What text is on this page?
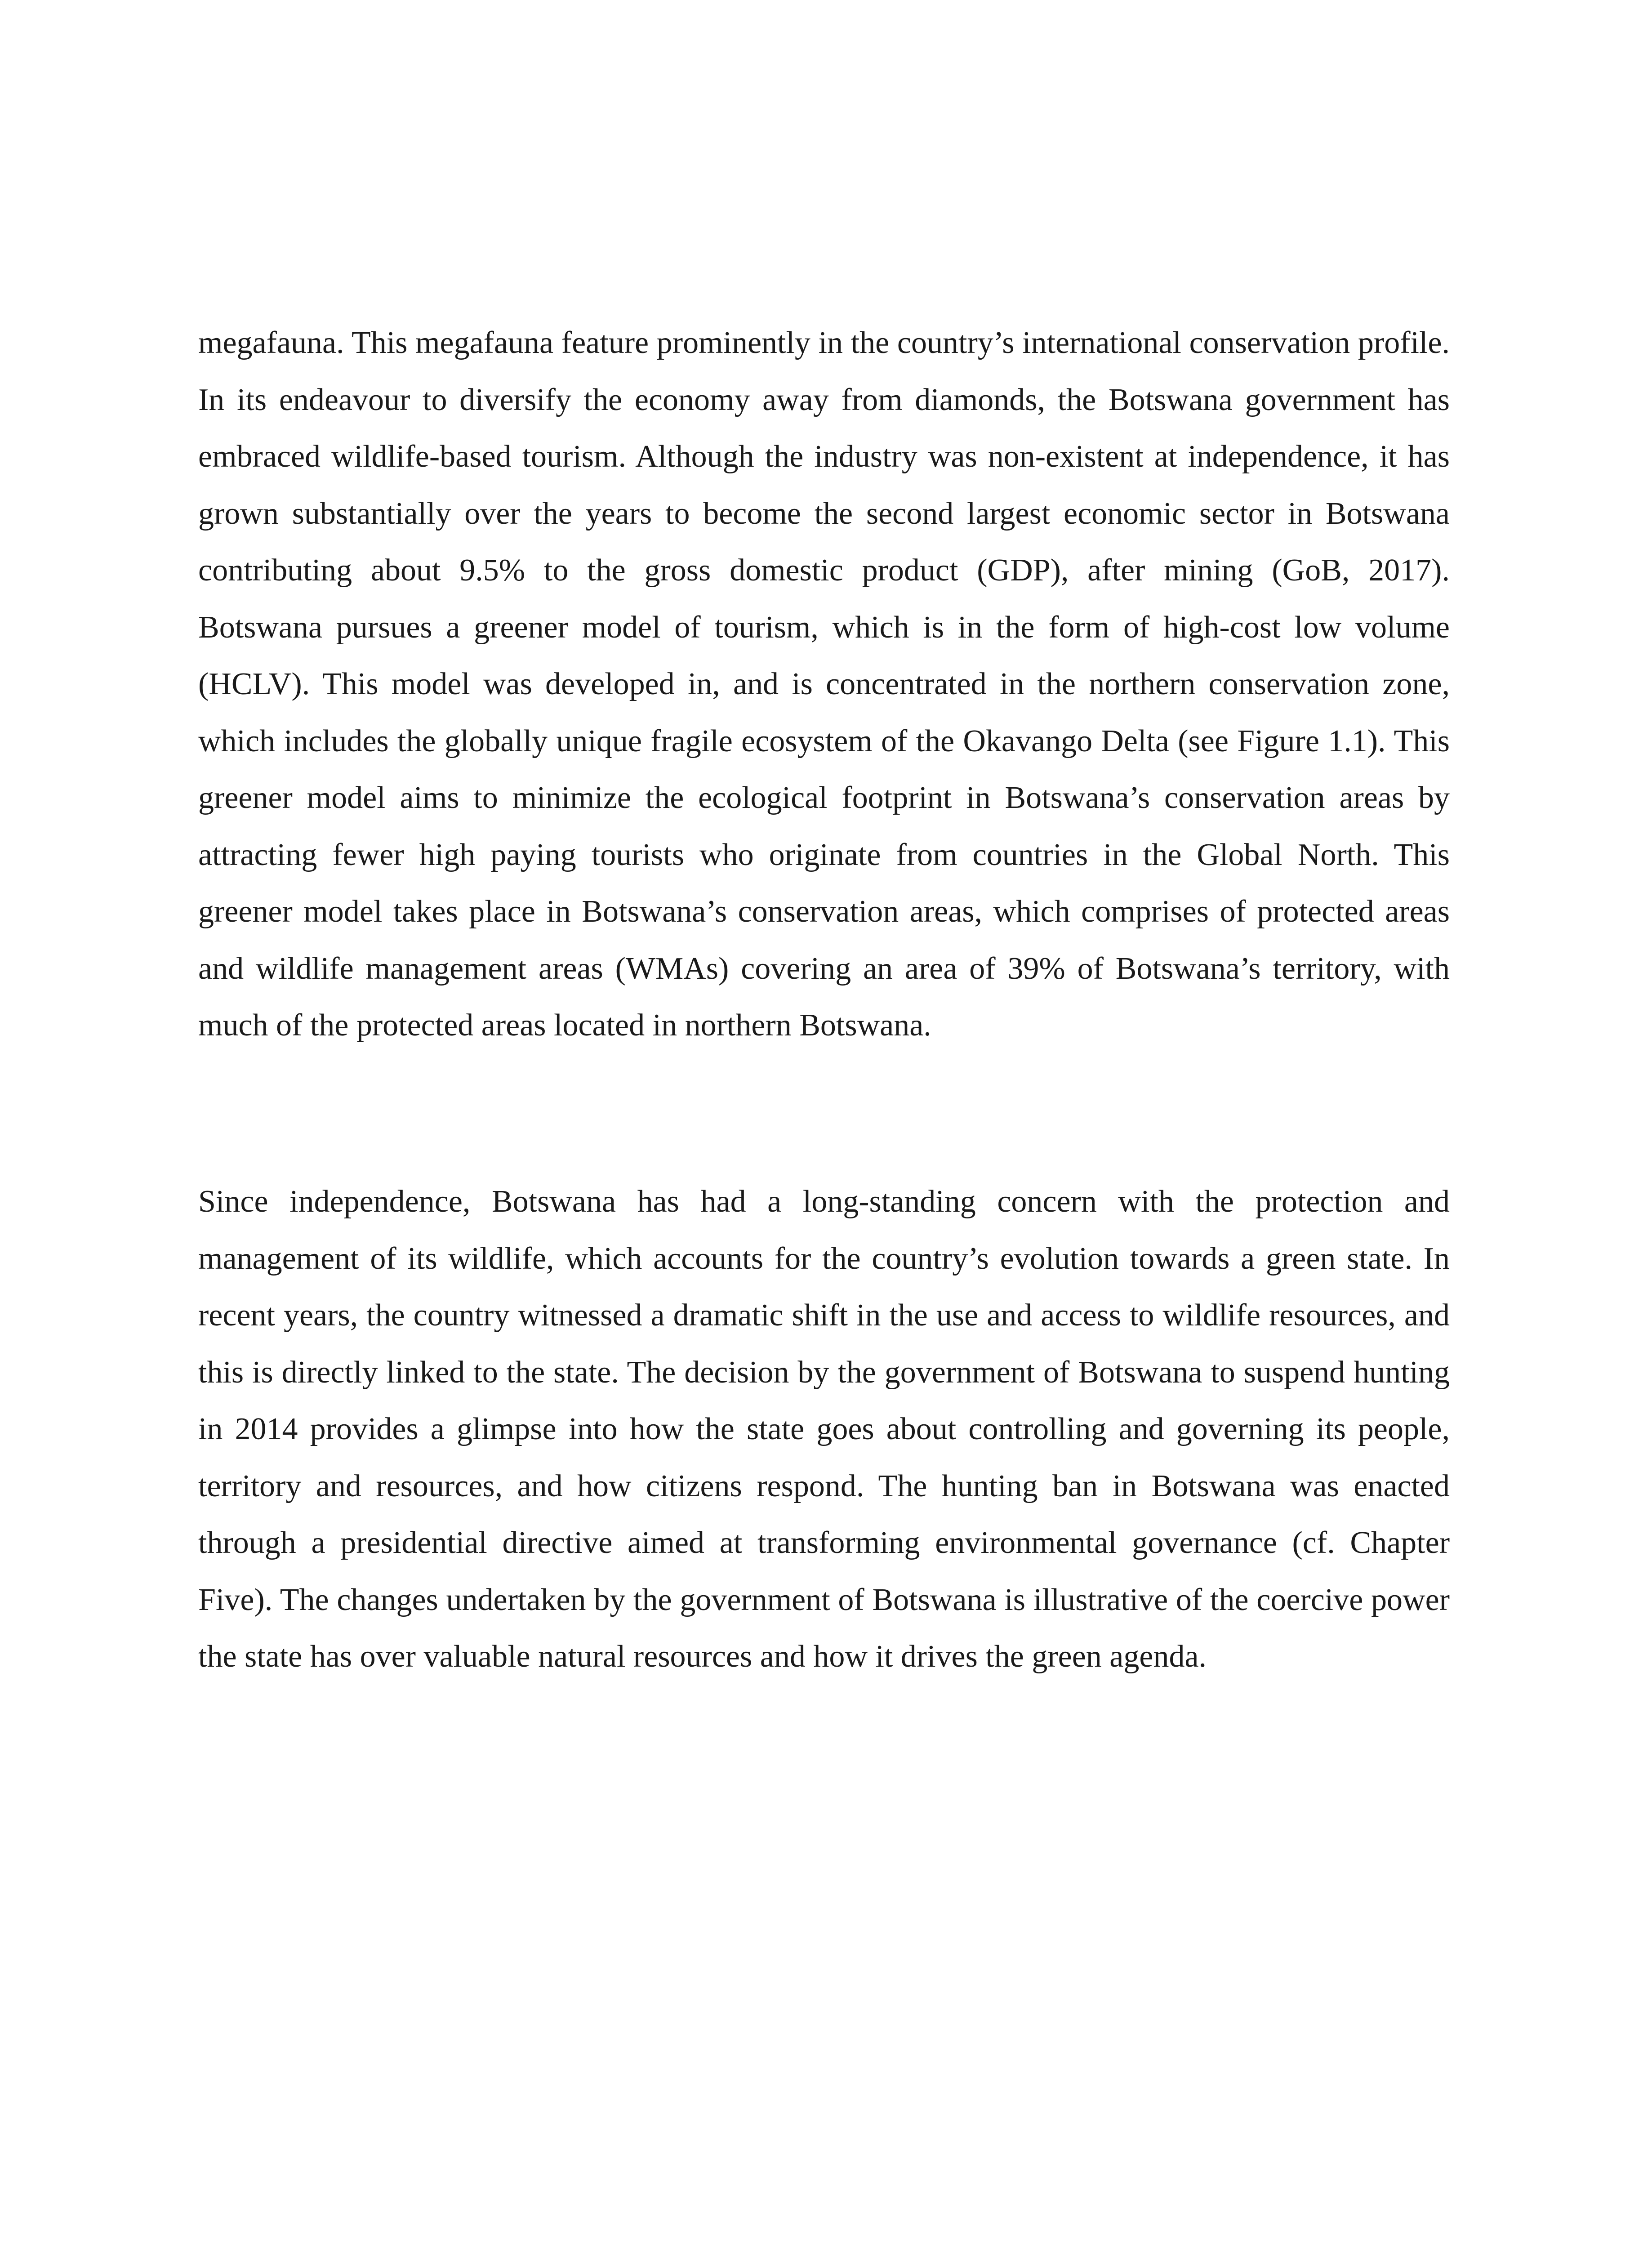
megafauna. This megafauna feature prominently in the country’s international conservation profile. In its endeavour to diversify the economy away from diamonds, the Botswana government has embraced wildlife-based tourism. Although the industry was non-existent at independence, it has grown substantially over the years to become the second largest economic sector in Botswana contributing about 9.5% to the gross domestic product (GDP), after mining (GoB, 2017). Botswana pursues a greener model of tourism, which is in the form of high-cost low volume (HCLV). This model was developed in, and is concentrated in the northern conservation zone, which includes the globally unique fragile ecosystem of the Okavango Delta (see Figure 1.1). This greener model aims to minimize the ecological footprint in Botswana’s conservation areas by attracting fewer high paying tourists who originate from countries in the Global North. This greener model takes place in Botswana’s conservation areas, which comprises of protected areas and wildlife management areas (WMAs) covering an area of 39% of Botswana’s territory, with much of the protected areas located in northern Botswana.

Since independence, Botswana has had a long-standing concern with the protection and management of its wildlife, which accounts for the country’s evolution towards a green state. In recent years, the country witnessed a dramatic shift in the use and access to wildlife resources, and this is directly linked to the state. The decision by the government of Botswana to suspend hunting in 2014 provides a glimpse into how the state goes about controlling and governing its people, territory and resources, and how citizens respond. The hunting ban in Botswana was enacted through a presidential directive aimed at transforming environmental governance (cf. Chapter Five). The changes undertaken by the government of Botswana is illustrative of the coercive power the state has over valuable natural resources and how it drives the green agenda.
